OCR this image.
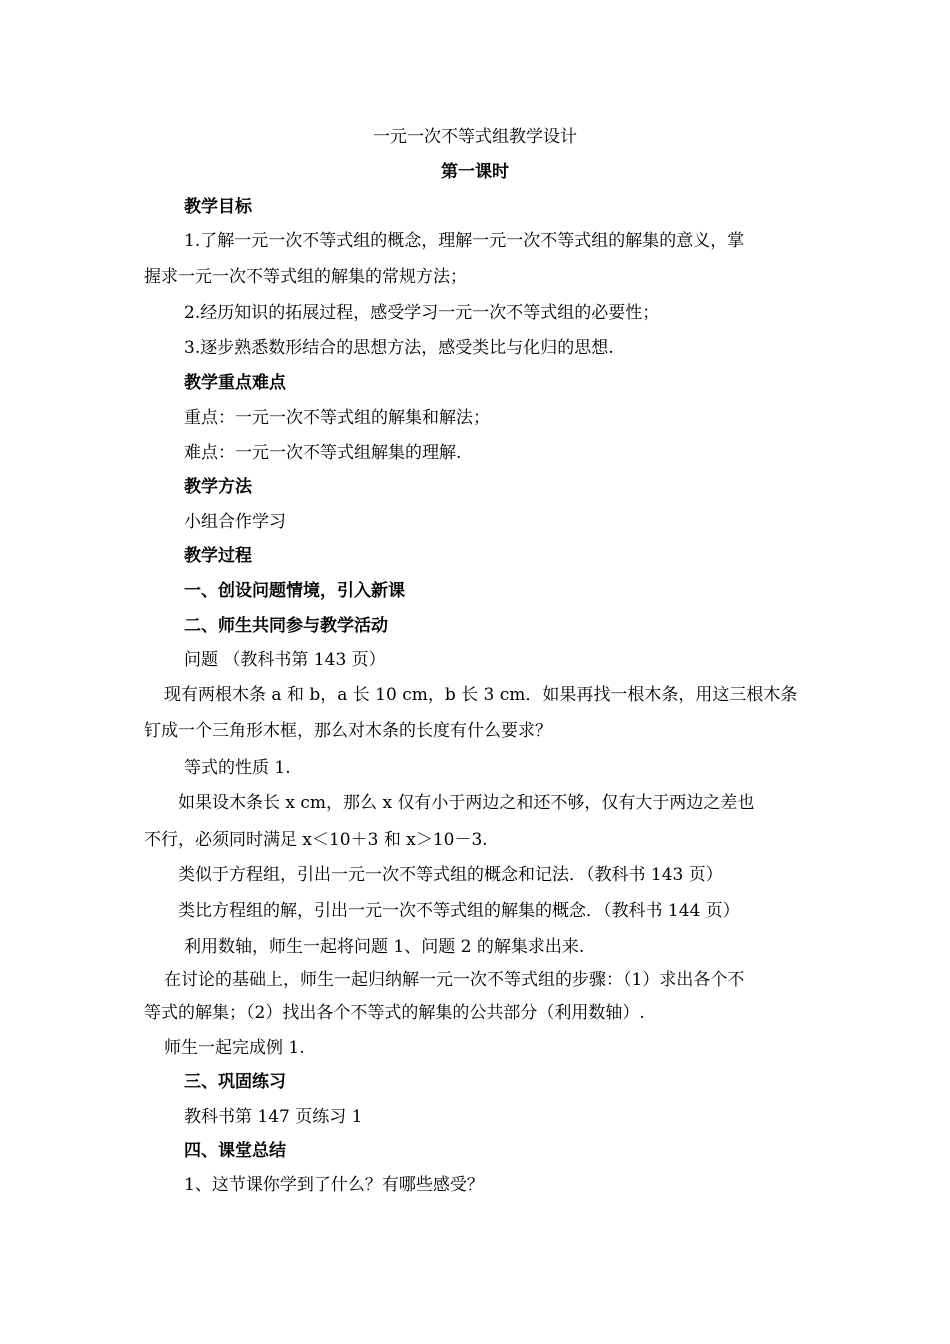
一元一次不等式组教学设计
第一课时
教学目标
1.了解一元一次不等式组的概念，理解一元一次不等式组的解集的意义，掌
握求一元一次不等式组的解集的常规方法；
2.经历知识的拓展过程，感受学习一元一次不等式组的必要性；
3.逐步熟悉数形结合的思想方法，感受类比与化归的思想.
教学重点难点
重点：一元一次不等式组的解集和解法；
难点：一元一次不等式组解集的理解.
教学方法
小组合作学习
教学过程
一、创设问题情境，引入新课
二、师生共同参与教学活动
问题 （教科书第 143 页）
现有两根木条 a 和 b，a 长 10 cm，b 长 3 cm．如果再找一根木条，用这三根木条
钉成一个三角形木框，那么对木条的长度有什么要求？
等式的性质 1.
如果设木条长 x cm，那么 x 仅有小于两边之和还不够，仅有大于两边之差也
不行，必须同时满足 x＜10＋3 和 x＞10－3.
类似于方程组，引出一元一次不等式组的概念和记法．（教科书 143 页）
类比方程组的解，引出一元一次不等式组的解集的概念．（教科书 144 页）
利用数轴，师生一起将问题 1、问题 2 的解集求出来.
在讨论的基础上，师生一起归纳解一元一次不等式组的步骤：（1）求出各个不
等式的解集；（2）找出各个不等式的解集的公共部分（利用数轴）.
师生一起完成例 1.
三、巩固练习
教科书第 147 页练习 1
四、课堂总结
1、这节课你学到了什么？有哪些感受？
